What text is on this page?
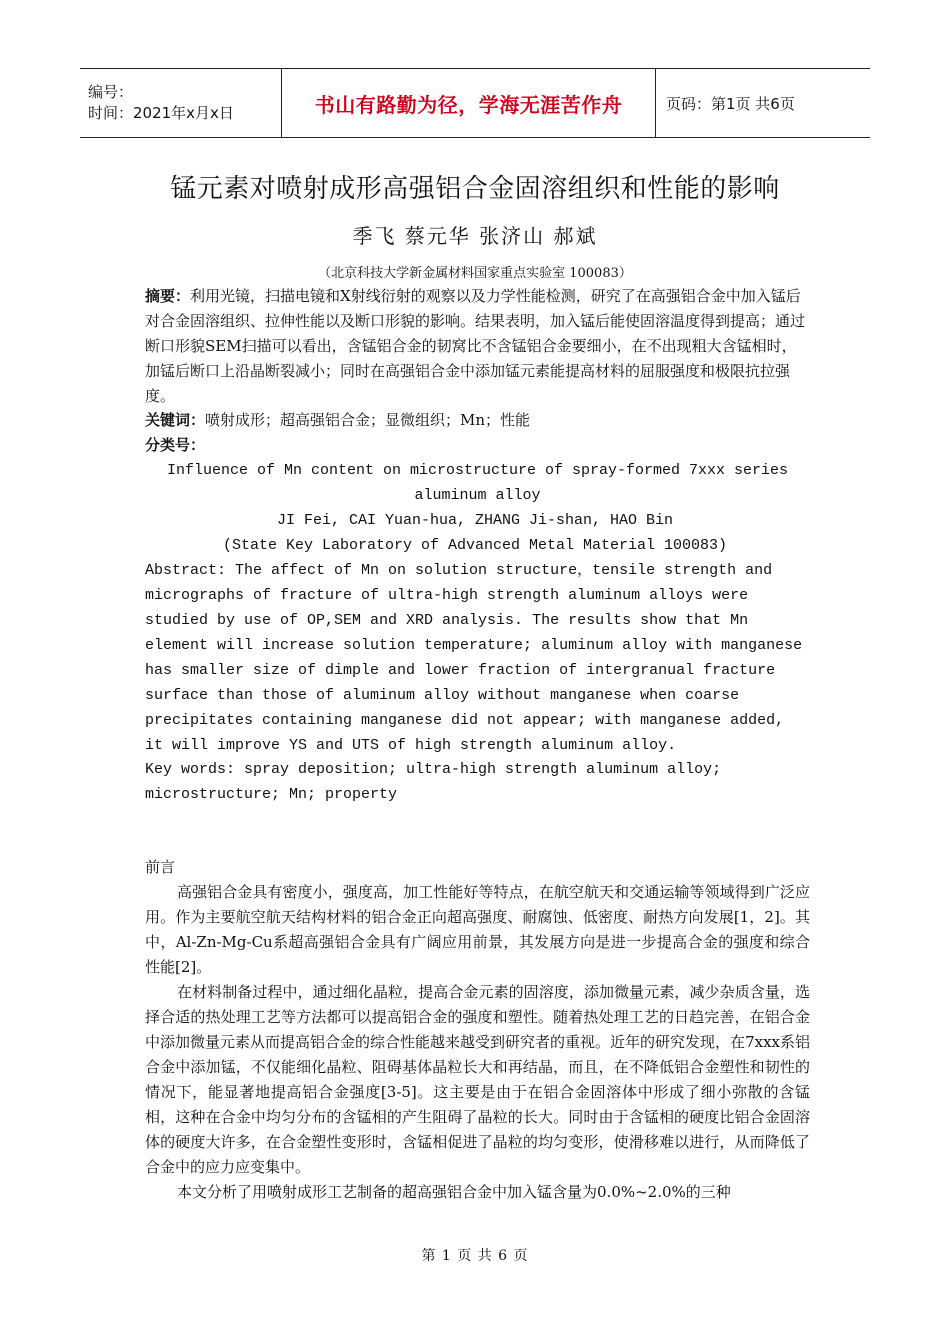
编号：
时间：2021年x月x日	书山有路勤为径，学海无涯苦作舟	页码：第1页 共6页
锰元素对喷射成形高强铝合金固溶组织和性能的影响
季飞 蔡元华 张济山 郝斌
（北京科技大学新金属材料国家重点实验室 100083）
摘要：利用光镜，扫描电镜和X射线衍射的观察以及力学性能检测，研究了在高强铝合金中加入锰后对合金固溶组织、拉伸性能以及断口形貌的影响。结果表明，加入锰后能使固溶温度得到提高；通过断口形貌SEM扫描可以看出，含锰铝合金的韧窝比不含锰铝合金要细小，在不出现粗大含锰相时，加锰后断口上沿晶断裂减小；同时在高强铝合金中添加锰元素能提高材料的屈服强度和极限抗拉强度。
关键词：喷射成形；超高强铝合金；显微组织；Mn；性能
分类号：
Influence of Mn content on microstructure of spray-formed 7xxx series aluminum alloy
JI Fei, CAI Yuan-hua, ZHANG Ji-shan, HAO Bin
(State Key Laboratory of Advanced Metal Material 100083)
Abstract: The affect of Mn on solution structure，tensile strength and micrographs of fracture of ultra-high strength aluminum alloys were studied by use of OP,SEM and XRD analysis. The results show that Mn element will increase solution temperature; aluminum alloy with manganese has smaller size of dimple and lower fraction of intergranual fracture surface than those of aluminum alloy without manganese when coarse precipitates containing manganese did not appear; with manganese added, it will improve YS and UTS of high strength aluminum alloy.
Key words: spray deposition; ultra-high strength aluminum alloy; microstructure; Mn; property
前言

高强铝合金具有密度小，强度高，加工性能好等特点，在航空航天和交通运输等领域得到广泛应用。作为主要航空航天结构材料的铝合金正向超高强度、耐腐蚀、低密度、耐热方向发展[1，2]。其中，Al-Zn-Mg-Cu系超高强铝合金具有广阔应用前景，其发展方向是进一步提高合金的强度和综合性能[2]。

在材料制备过程中，通过细化晶粒，提高合金元素的固溶度，添加微量元素，减少杂质含量，选择合适的热处理工艺等方法都可以提高铝合金的强度和塑性。随着热处理工艺的日趋完善，在铝合金中添加微量元素从而提高铝合金的综合性能越来越受到研究者的重视。近年的研究发现，在7xxx系铝合金中添加锰，不仅能细化晶粒、阻碍基体晶粒长大和再结晶，而且，在不降低铝合金塑性和韧性的情况下，能显著地提高铝合金强度[3-5]。这主要是由于在铝合金固溶体中形成了细小弥散的含锰相，这种在合金中均匀分布的含锰相的产生阻碍了晶粒的长大。同时由于含锰相的硬度比铝合金固溶体的硬度大许多，在合金塑性变形时，含锰相促进了晶粒的均匀变形，使滑移难以进行，从而降低了合金中的应力应变集中。

本文分析了用喷射成形工艺制备的超高强铝合金中加入锰含量为0.0%~2.0%的三种

第 1 页 共 6 页
